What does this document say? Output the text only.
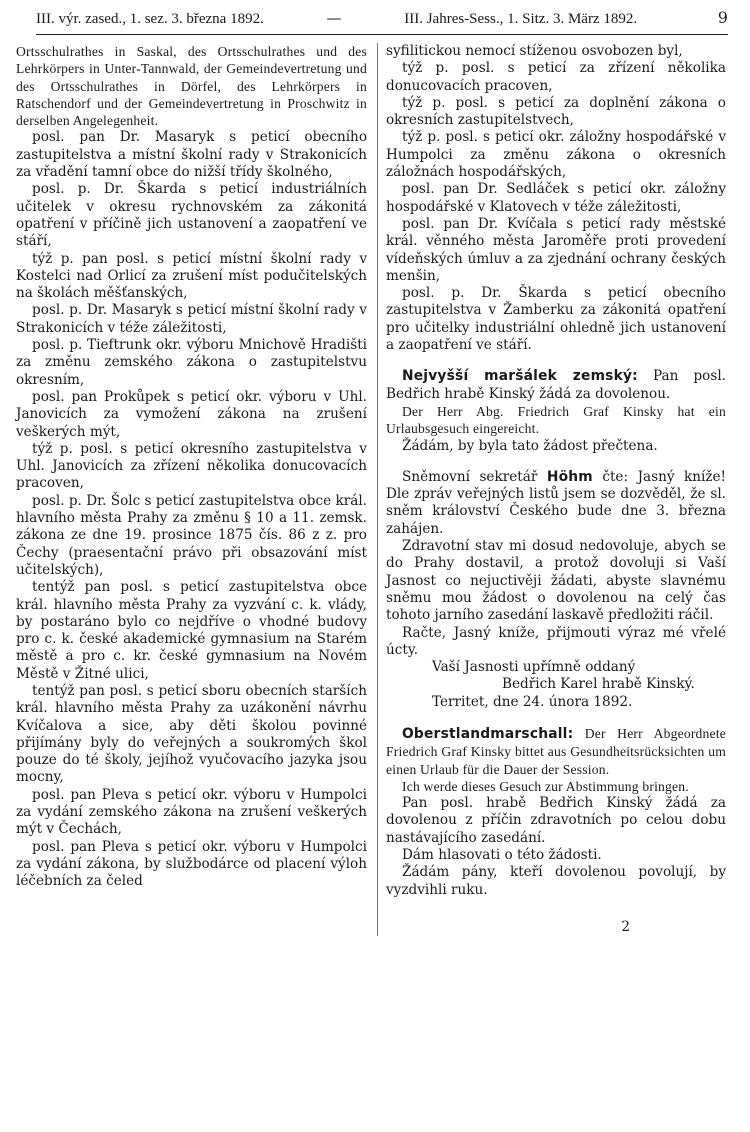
III. výr. zased., 1. sez. 3. března 1892.	—	III. Jahres-Sess., 1. Sitz. 3. März 1892.	9

Ortsschulrathes in Saskal, des Ortsschulrathes und des Lehrkörpers in Unter-Tannwald, der Gemeindevertretung und des Ortsschulrathes in Dörfel, des Lehrkörpers in Ratschendorf und der Gemeindevertretung in Proschwitz in derselben Angelegenheit.

posl. pan Dr. Masaryk s peticí obecního zastupitelstva a místní školní rady v Strakonicích za vřadění tamní obce do nižší třídy školného,

posl. p. Dr. Škarda s peticí industriálních učitelek v okresu rychnovském za zákonitá opatření v příčině jich ustanovení a zaopatření ve stáří,

týž p. pan posl. s peticí místní školní rady v Kostelci nad Orlicí za zrušení míst podučitelských na školách měšťanských,

posl. p. Dr. Masaryk s peticí místní školní rady v Strakonicích v téže záležitosti,

posl. p. Tieftrunk okr. výboru Mnichově Hradišti za změnu zemského zákona o zastupitelstvu okresním,

posl. pan Prokůpek s peticí okr. výboru v Uhl. Janovicích za vymožení zákona na zrušení veškerých mýt,

týž p. posl. s peticí okresního zastupitelstva v Uhl. Janovicích za zřízení několika donucovacích pracoven,

posl. p. Dr. Šolc s peticí zastupitelstva obce král. hlavního města Prahy za změnu § 10 a 11. zemsk. zákona ze dne 19. prosince 1875 čís. 86 z z. pro Čechy (praesentační právo při obsazování míst učitelských),

tentýž pan posl. s peticí zastupitelstva obce král. hlavního města Prahy za vyzvání c. k. vlády, by postaráno bylo co nejdříve o vhodné budovy pro c. k. české akademické gymnasium na Starém městě a pro c. kr. české gymnasium na Novém Městě v Žitné ulici,

tentýž pan posl. s peticí sboru obecních starších král. hlavního města Prahy za uzákonění návrhu Kvíčalova a sice, aby děti školou povinné přijímány byly do veřejných a soukromých škol pouze do té školy, jejíhož vyučovacího jazyka jsou mocny,

posl. pan Pleva s peticí okr. výboru v Humpolci za vydání zemského zákona na zrušení veškerých mýt v Čechách,

posl. pan Pleva s peticí okr. výboru v Humpolci za vydání zákona, by službodárce od placení výloh léčebních za čeled

syfilitickou nemocí stíženou osvobozen byl,

týž p. posl. s peticí za zřízení několika donucovacích pracoven,

týž p. posl. s peticí za doplnění zákona o okresních zastupitelstvech,

týž p. posl. s peticí okr. záložny hospodářské v Humpolci za změnu zákona o okresních záložnách hospodářských,

posl. pan Dr. Sedláček s peticí okr. záložny hospodářské v Klatovech v téže záležitosti,

posl. pan Dr. Kvíčala s peticí rady městské král. věnného města Jaroměře proti provedení vídeňských úmluv a za zjednání ochrany českých menšin,

posl. p. Dr. Škarda s peticí obecního zastupitelstva v Žamberku za zákonitá opatření pro učitelky industriální ohledně jich ustanovení a zaopatření ve stáří.

Nejvyšší maršálek zemský: Pan posl. Bedřich hrabě Kinský žádá za dovolenou.

Der Herr Abg. Friedrich Graf Kinsky hat ein Urlaubsgesuch eingereicht.

Žádám, by byla tato žádost přečtena.

Sněmovní sekretář Höhm čte: Jasný kníže! Dle zpráv veřejných listů jsem se dozvěděl, že sl. sněm království Českého bude dne 3. března zahájen.

Zdravotní stav mi dosud nedovoluje, abych se do Prahy dostavil, a protož dovoluji si Vaší Jasnost co nejuctivěji žádati, abyste slavnému sněmu mou žádost o dovolenou na celý čas tohoto jarního zasedání laskavě předložiti ráčil.

Račte, Jasný kníže, přijmouti výraz mé vřelé úcty.

Vaší Jasnosti upřímně oddaný

Bedřich Karel hrabě Kinský.

Territet, dne 24. února 1892.

Oberstlandmarschall: Der Herr Abgeordnete Friedrich Graf Kinsky bittet aus Gesundheitsrücksichten um einen Urlaub für die Dauer der Session.

Ich werde dieses Gesuch zur Abstimmung bringen.

Pan posl. hrabě Bedřich Kinský žádá za dovolenou z příčin zdravotních po celou dobu nastávajícího zasedání.

Dám hlasovati o této žádosti.

Žádám pány, kteří dovolenou povolují, by vyzdvihli ruku.

2
